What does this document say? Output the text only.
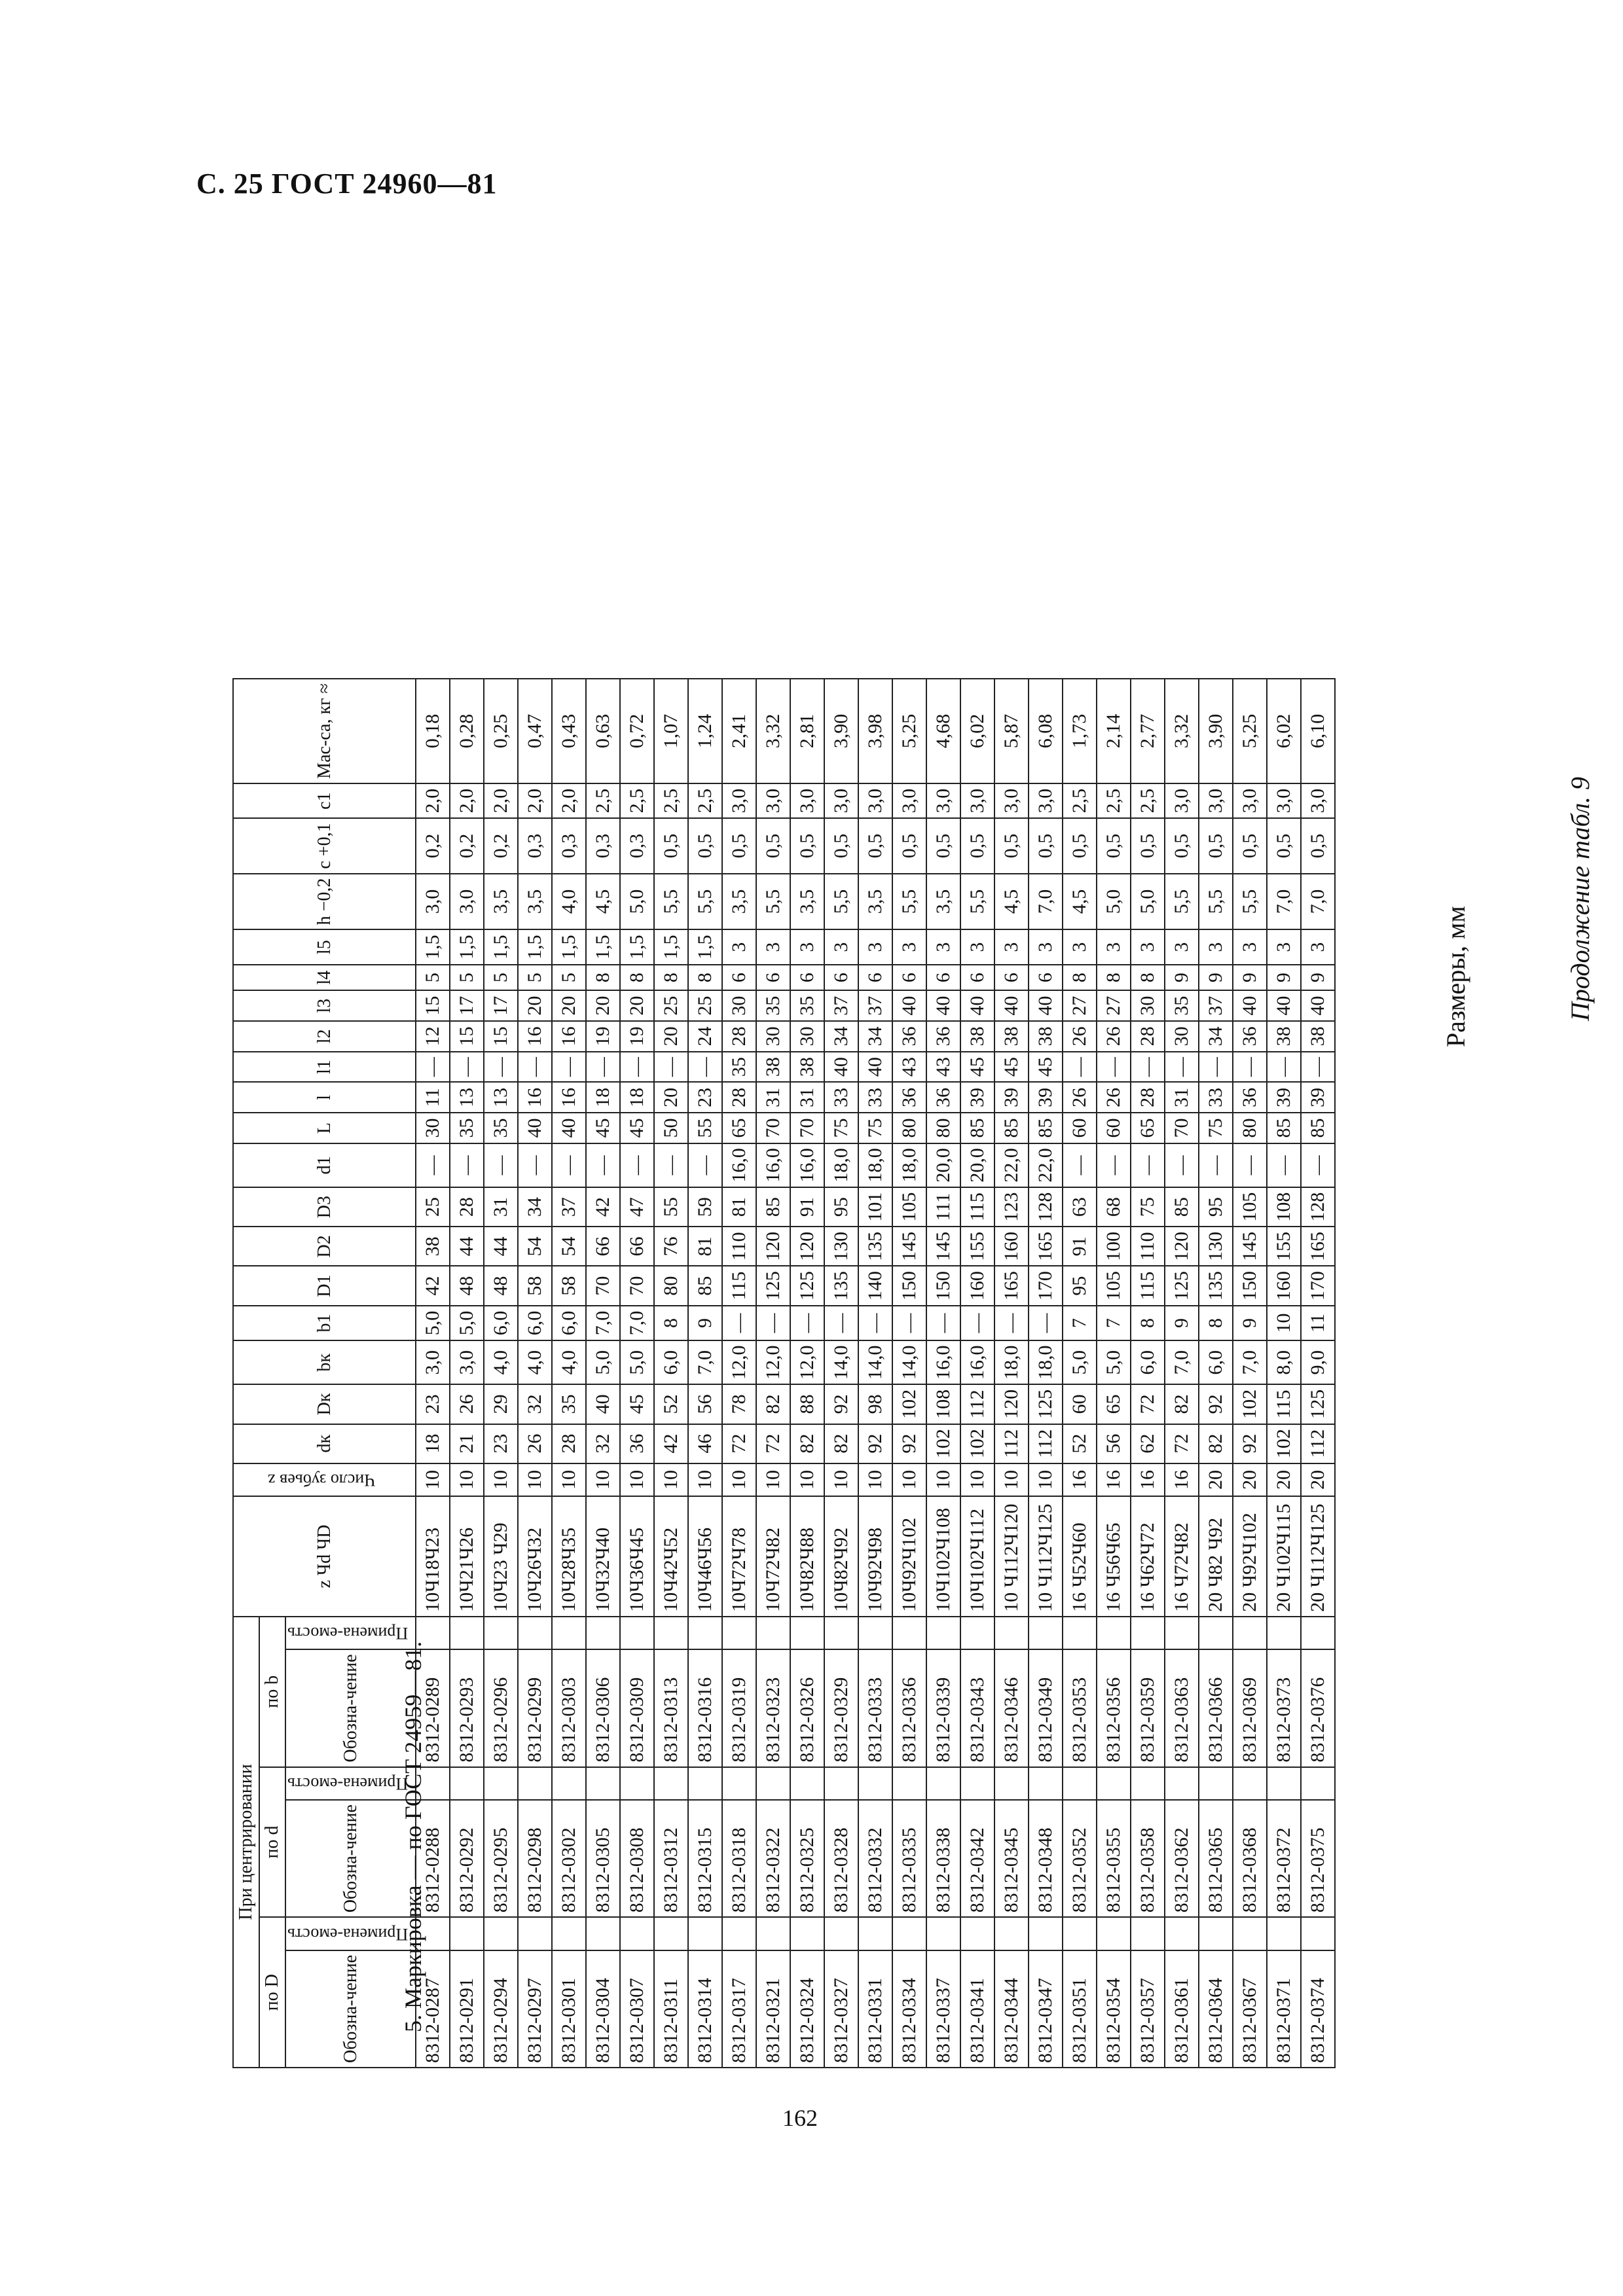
С. 25 ГОСТ 24960—81
Продолжение табл. 9
Размеры, мм
При центрировании						z Чd ЧD	Число зубьев z	dк	Dк	bк	b1	D1	D2	D3	d1	L	l	l1	l2	l3	l4	l5	h −0,2	c +0,1	c1	Мас-са, кг ≈
по D		по d		по b																						
Обозна-чение	Примена-емость	Обозна-чение	Примена-емость	Обозна-чение	Примена-емость																					
8312-0287		8312-0288		8312-0289		10Ч18Ч23	10	18	23	3,0	5,0	42	38	25	—	30	11	—	12	15	5	1,5	3,0	0,2	2,0	0,18
8312-0291		8312-0292		8312-0293		10Ч21Ч26	10	21	26	3,0	5,0	48	44	28	—	35	13	—	15	17	5	1,5	3,0	0,2	2,0	0,28
8312-0294		8312-0295		8312-0296		10Ч23 Ч29	10	23	29	4,0	6,0	48	44	31	—	35	13	—	15	17	5	1,5	3,5	0,2	2,0	0,25
8312-0297		8312-0298		8312-0299		10Ч26Ч32	10	26	32	4,0	6,0	58	54	34	—	40	16	—	16	20	5	1,5	3,5	0,3	2,0	0,47
8312-0301		8312-0302		8312-0303		10Ч28Ч35	10	28	35	4,0	6,0	58	54	37	—	40	16	—	16	20	5	1,5	4,0	0,3	2,0	0,43
8312-0304		8312-0305		8312-0306		10Ч32Ч40	10	32	40	5,0	7,0	70	66	42	—	45	18	—	19	20	8	1,5	4,5	0,3	2,5	0,63
8312-0307		8312-0308		8312-0309		10Ч36Ч45	10	36	45	5,0	7,0	70	66	47	—	45	18	—	19	20	8	1,5	5,0	0,3	2,5	0,72
8312-0311		8312-0312		8312-0313		10Ч42Ч52	10	42	52	6,0	8	80	76	55	—	50	20	—	20	25	8	1,5	5,5	0,5	2,5	1,07
8312-0314		8312-0315		8312-0316		10Ч46Ч56	10	46	56	7,0	9	85	81	59	—	55	23	—	24	25	8	1,5	5,5	0,5	2,5	1,24
8312-0317		8312-0318		8312-0319		10Ч72Ч78	10	72	78	12,0	—	115	110	81	16,0	65	28	35	28	30	6	3	3,5	0,5	3,0	2,41
8312-0321		8312-0322		8312-0323		10Ч72Ч82	10	72	82	12,0	—	125	120	85	16,0	70	31	38	30	35	6	3	5,5	0,5	3,0	3,32
8312-0324		8312-0325		8312-0326		10Ч82Ч88	10	82	88	12,0	—	125	120	91	16,0	70	31	38	30	35	6	3	3,5	0,5	3,0	2,81
8312-0327		8312-0328		8312-0329		10Ч82Ч92	10	82	92	14,0	—	135	130	95	18,0	75	33	40	34	37	6	3	5,5	0,5	3,0	3,90
8312-0331		8312-0332		8312-0333		10Ч92Ч98	10	92	98	14,0	—	140	135	101	18,0	75	33	40	34	37	6	3	3,5	0,5	3,0	3,98
8312-0334		8312-0335		8312-0336		10Ч92Ч102	10	92	102	14,0	—	150	145	105	18,0	80	36	43	36	40	6	3	5,5	0,5	3,0	5,25
8312-0337		8312-0338		8312-0339		10Ч102Ч108	10	102	108	16,0	—	150	145	111	20,0	80	36	43	36	40	6	3	3,5	0,5	3,0	4,68
8312-0341		8312-0342		8312-0343		10Ч102Ч112	10	102	112	16,0	—	160	155	115	20,0	85	39	45	38	40	6	3	5,5	0,5	3,0	6,02
8312-0344		8312-0345		8312-0346		10 Ч112Ч120	10	112	120	18,0	—	165	160	123	22,0	85	39	45	38	40	6	3	4,5	0,5	3,0	5,87
8312-0347		8312-0348		8312-0349		10 Ч112Ч125	10	112	125	18,0	—	170	165	128	22,0	85	39	45	38	40	6	3	7,0	0,5	3,0	6,08
8312-0351		8312-0352		8312-0353		16 Ч52Ч60	16	52	60	5,0	7	95	91	63	—	60	26	—	26	27	8	3	4,5	0,5	2,5	1,73
8312-0354		8312-0355		8312-0356		16 Ч56Ч65	16	56	65	5,0	7	105	100	68	—	60	26	—	26	27	8	3	5,0	0,5	2,5	2,14
8312-0357		8312-0358		8312-0359		16 Ч62Ч72	16	62	72	6,0	8	115	110	75	—	65	28	—	28	30	8	3	5,0	0,5	2,5	2,77
8312-0361		8312-0362		8312-0363		16 Ч72Ч82	16	72	82	7,0	9	125	120	85	—	70	31	—	30	35	9	3	5,5	0,5	3,0	3,32
8312-0364		8312-0365		8312-0366		20 Ч82 Ч92	20	82	92	6,0	8	135	130	95	—	75	33	—	34	37	9	3	5,5	0,5	3,0	3,90
8312-0367		8312-0368		8312-0369		20 Ч92Ч102	20	92	102	7,0	9	150	145	105	—	80	36	—	36	40	9	3	5,5	0,5	3,0	5,25
8312-0371		8312-0372		8312-0373		20 Ч102Ч115	20	102	115	8,0	10	160	155	108	—	85	39	—	38	40	9	3	7,0	0,5	3,0	6,02
8312-0374		8312-0375		8312-0376		20 Ч112Ч125	20	112	125	9,0	11	170	165	128	—	85	39	—	38	40	9	3	7,0	0,5	3,0	6,10
5. Маркировка — по ГОСТ 24959—81.
162
